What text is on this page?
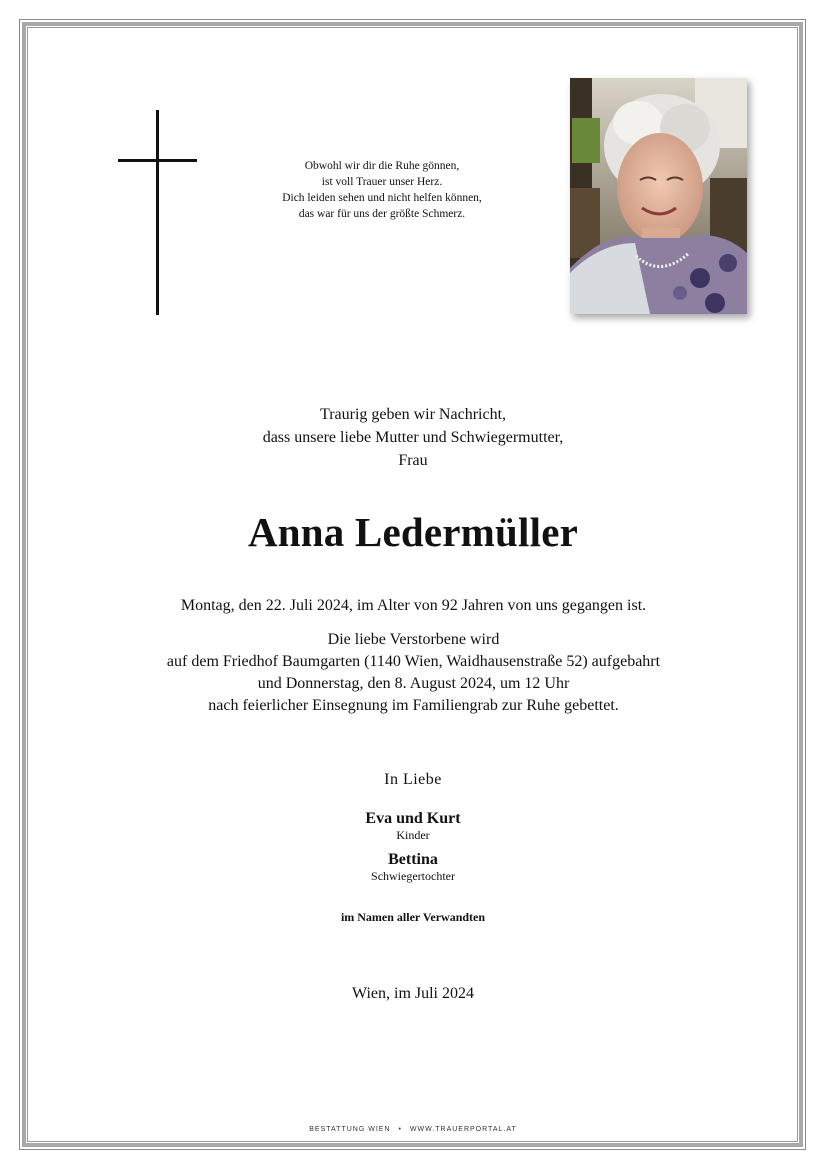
Obwohl wir dir die Ruhe gönnen,
ist voll Trauer unser Herz.
Dich leiden sehen und nicht helfen können,
das war für uns der größte Schmerz.
Traurig geben wir Nachricht,
dass unsere liebe Mutter und Schwiegermutter,
Frau
Anna Ledermüller
Montag, den 22. Juli 2024, im Alter von 92 Jahren von uns gegangen ist.
Die liebe Verstorbene wird
auf dem Friedhof Baumgarten (1140 Wien, Waidhausenstraße 52) aufgebahrt
und Donnerstag, den 8. August 2024, um 12 Uhr
nach feierlicher Einsegnung im Familiengrab zur Ruhe gebettet.
In Liebe
Eva und Kurt
Kinder
Bettina
Schwiegertochter
im Namen aller Verwandten
Wien, im Juli 2024
BESTATTUNG WIEN • WWW.TRAUERPORTAL.AT
